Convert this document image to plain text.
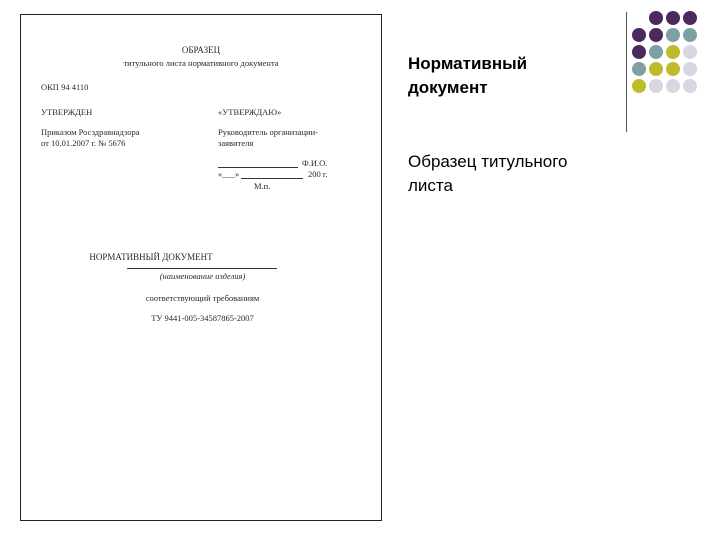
ОБРАЗЕЦ
титульного листа нормативного документа
ОКП 94 4110
УТВЕРЖДЕН	«УТВЕРЖДАЮ»
Приказом Росздравнадзора
от 10.01.2007 г. № 5676
Руководитель организации-
заявителя
Ф.И.О.
«___»	200 г.
М.п.
НОРМАТИВНЫЙ ДОКУМЕНТ
(наименование изделия)
соответствующий требованиям
ТУ 9441-005-34587865-2007
Нормативный
документ
Образец титульного
листа
